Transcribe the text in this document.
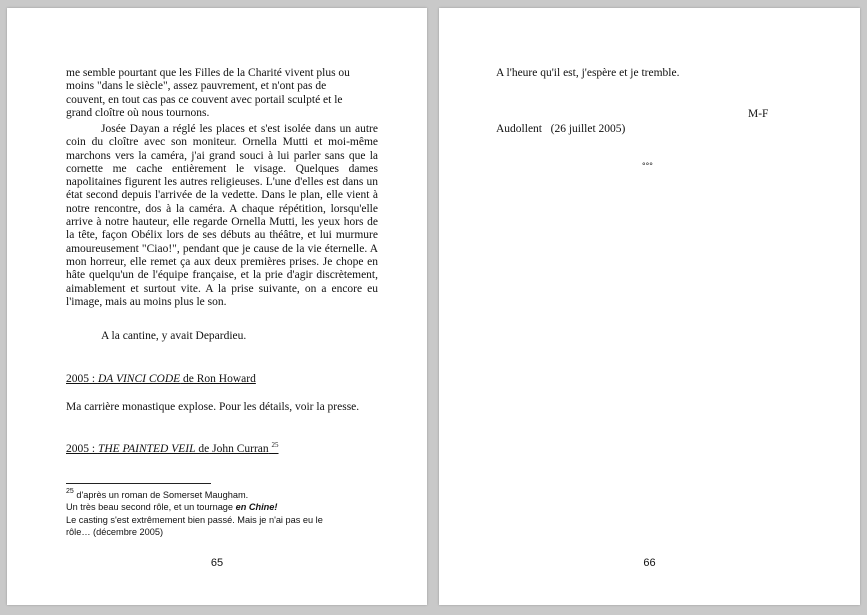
me semble pourtant que les Filles de la Charité vivent plus ou
moins "dans le siècle", assez pauvrement, et n'ont pas de
couvent, en tout cas pas ce couvent avec portail sculpté et le
grand cloître où nous tournons.

Josée Dayan a réglé les places et s'est isolée dans un autre coin du cloître avec son moniteur. Ornella Mutti et moi-même marchons vers la caméra, j'ai grand souci à lui parler sans que la cornette me cache entièrement le visage. Quelques dames napolitaines figurent les autres religieuses. L'une d'elles est dans un état second depuis l'arrivée de la vedette. Dans le plan, elle vient à notre rencontre, dos à la caméra. A chaque répétition, lorsqu'elle arrive à notre hauteur, elle regarde Ornella Mutti, les yeux hors de la tête, façon Obélix lors de ses débuts au théâtre, et lui murmure amoureusement "Ciao!", pendant que je cause de la vie éternelle. A mon horreur, elle remet ça aux deux premières prises. Je chope en hâte quelqu'un de l'équipe française, et la prie d'agir discrètement, aimablement et surtout vite. A la prise suivante, on a encore eu l'image, mais au moins plus le son.

A la cantine, y avait Depardieu.

2005 : DA VINCI CODE de Ron Howard

Ma carrière monastique explose. Pour les détails, voir la presse.

2005 : THE PAINTED VEIL de John Curran $^{25}$

$^{25}$ d'après un roman de Somerset Maugham.
Un très beau second rôle, et un tournage en Chine!
Le casting s'est extrêmement bien passé. Mais je n'ai pas eu le
rôle… (décembre 2005)

65

A l'heure qu'il est, j'espère et je tremble.

M-F

Audollent   (26 juillet 2005)

°°°

66
